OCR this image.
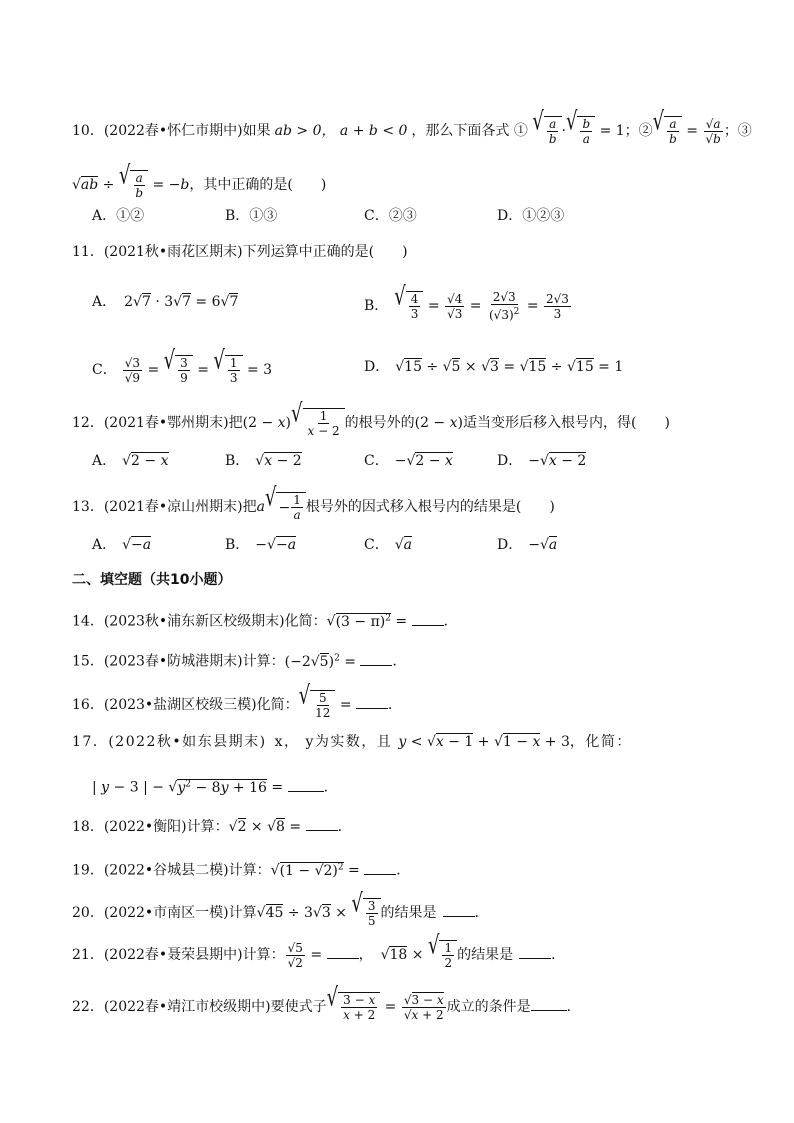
10．(2022春•怀仁市期中)如果 ab > 0， a + b < 0 ，那么下面各式 ① √ $\frac{a}{b}$ · √ $\frac{b}{a} = 1$；② √ $\frac{a}{b} = \frac{√a}{√b}$ ；③
√ab ÷ √ $\frac{a}{b} = -b$，其中正确的是(　　)
A．①②	B．①③	C．②③	D．①②③
11．(2021秋•雨花区期末)下列运算中正确的是(　　)
A． 2√7 · 3√7 = 6√7	B． √ $\frac{4}{3} = \frac{√4}{√3} = \frac{2√3}{(√3)^2} = \frac{2√3}{3}$
C． $\frac{√3}{√9}$ = √ $\frac{3}{9}$ = √ $\frac{1}{3} = 3$	D． √15 ÷ √5 × √3 = √15 ÷ √15 = 1
12．(2021春•鄂州期末)把(2 − x) √ $\frac{1}{x - 2}$ 的根号外的(2 − x)适当变形后移入根号内，得(　　)
A． √2 − x	B． √x − 2	C． −√2 − x	D． −√x − 2
13．(2021春•凉山州期末)把a √ − $\frac{1}{a}$ 根号外的因式移入根号内的结果是(　　)
A． √−a	B． −√−a	C． √a	D． −√a
二、填空题（共10小题）
14．(2023秋•浦东新区校级期末)化简：$√(3 - \pi)^2$ = ．
15．(2023春•防城港期末)计算：$(-2√5)^2$ = ．
16．(2023•盐湖区校级三模)化简： √ $\frac{5}{12}$ = ．
17．(2022秋•如东县期末) x， y为实数，且 y < √x − 1 + √1 − x + 3，化简：
| y − 3 | − $√y^2 - 8y + 16$ =	．
18．(2022•衡阳)计算：√2 × √8 = ．
19．(2022•谷城县二模)计算：$√(1 - √2)^2$ = ．
20．(2022•市南区一模)计算√45 ÷ 3√3 × √ $\frac{3}{5}$ 的结果是	．
21．(2022春•聂荣县期中)计算： $\frac{√5}{√2}$ = ， √18 × √ $\frac{1}{2}$ 的结果是	．
22．(2022春•靖江市校级期中)要使式子 √ $\frac{3 - x}{x + 2} = \frac{√3 - x}{√x + 2}$ 成立的条件是	．
